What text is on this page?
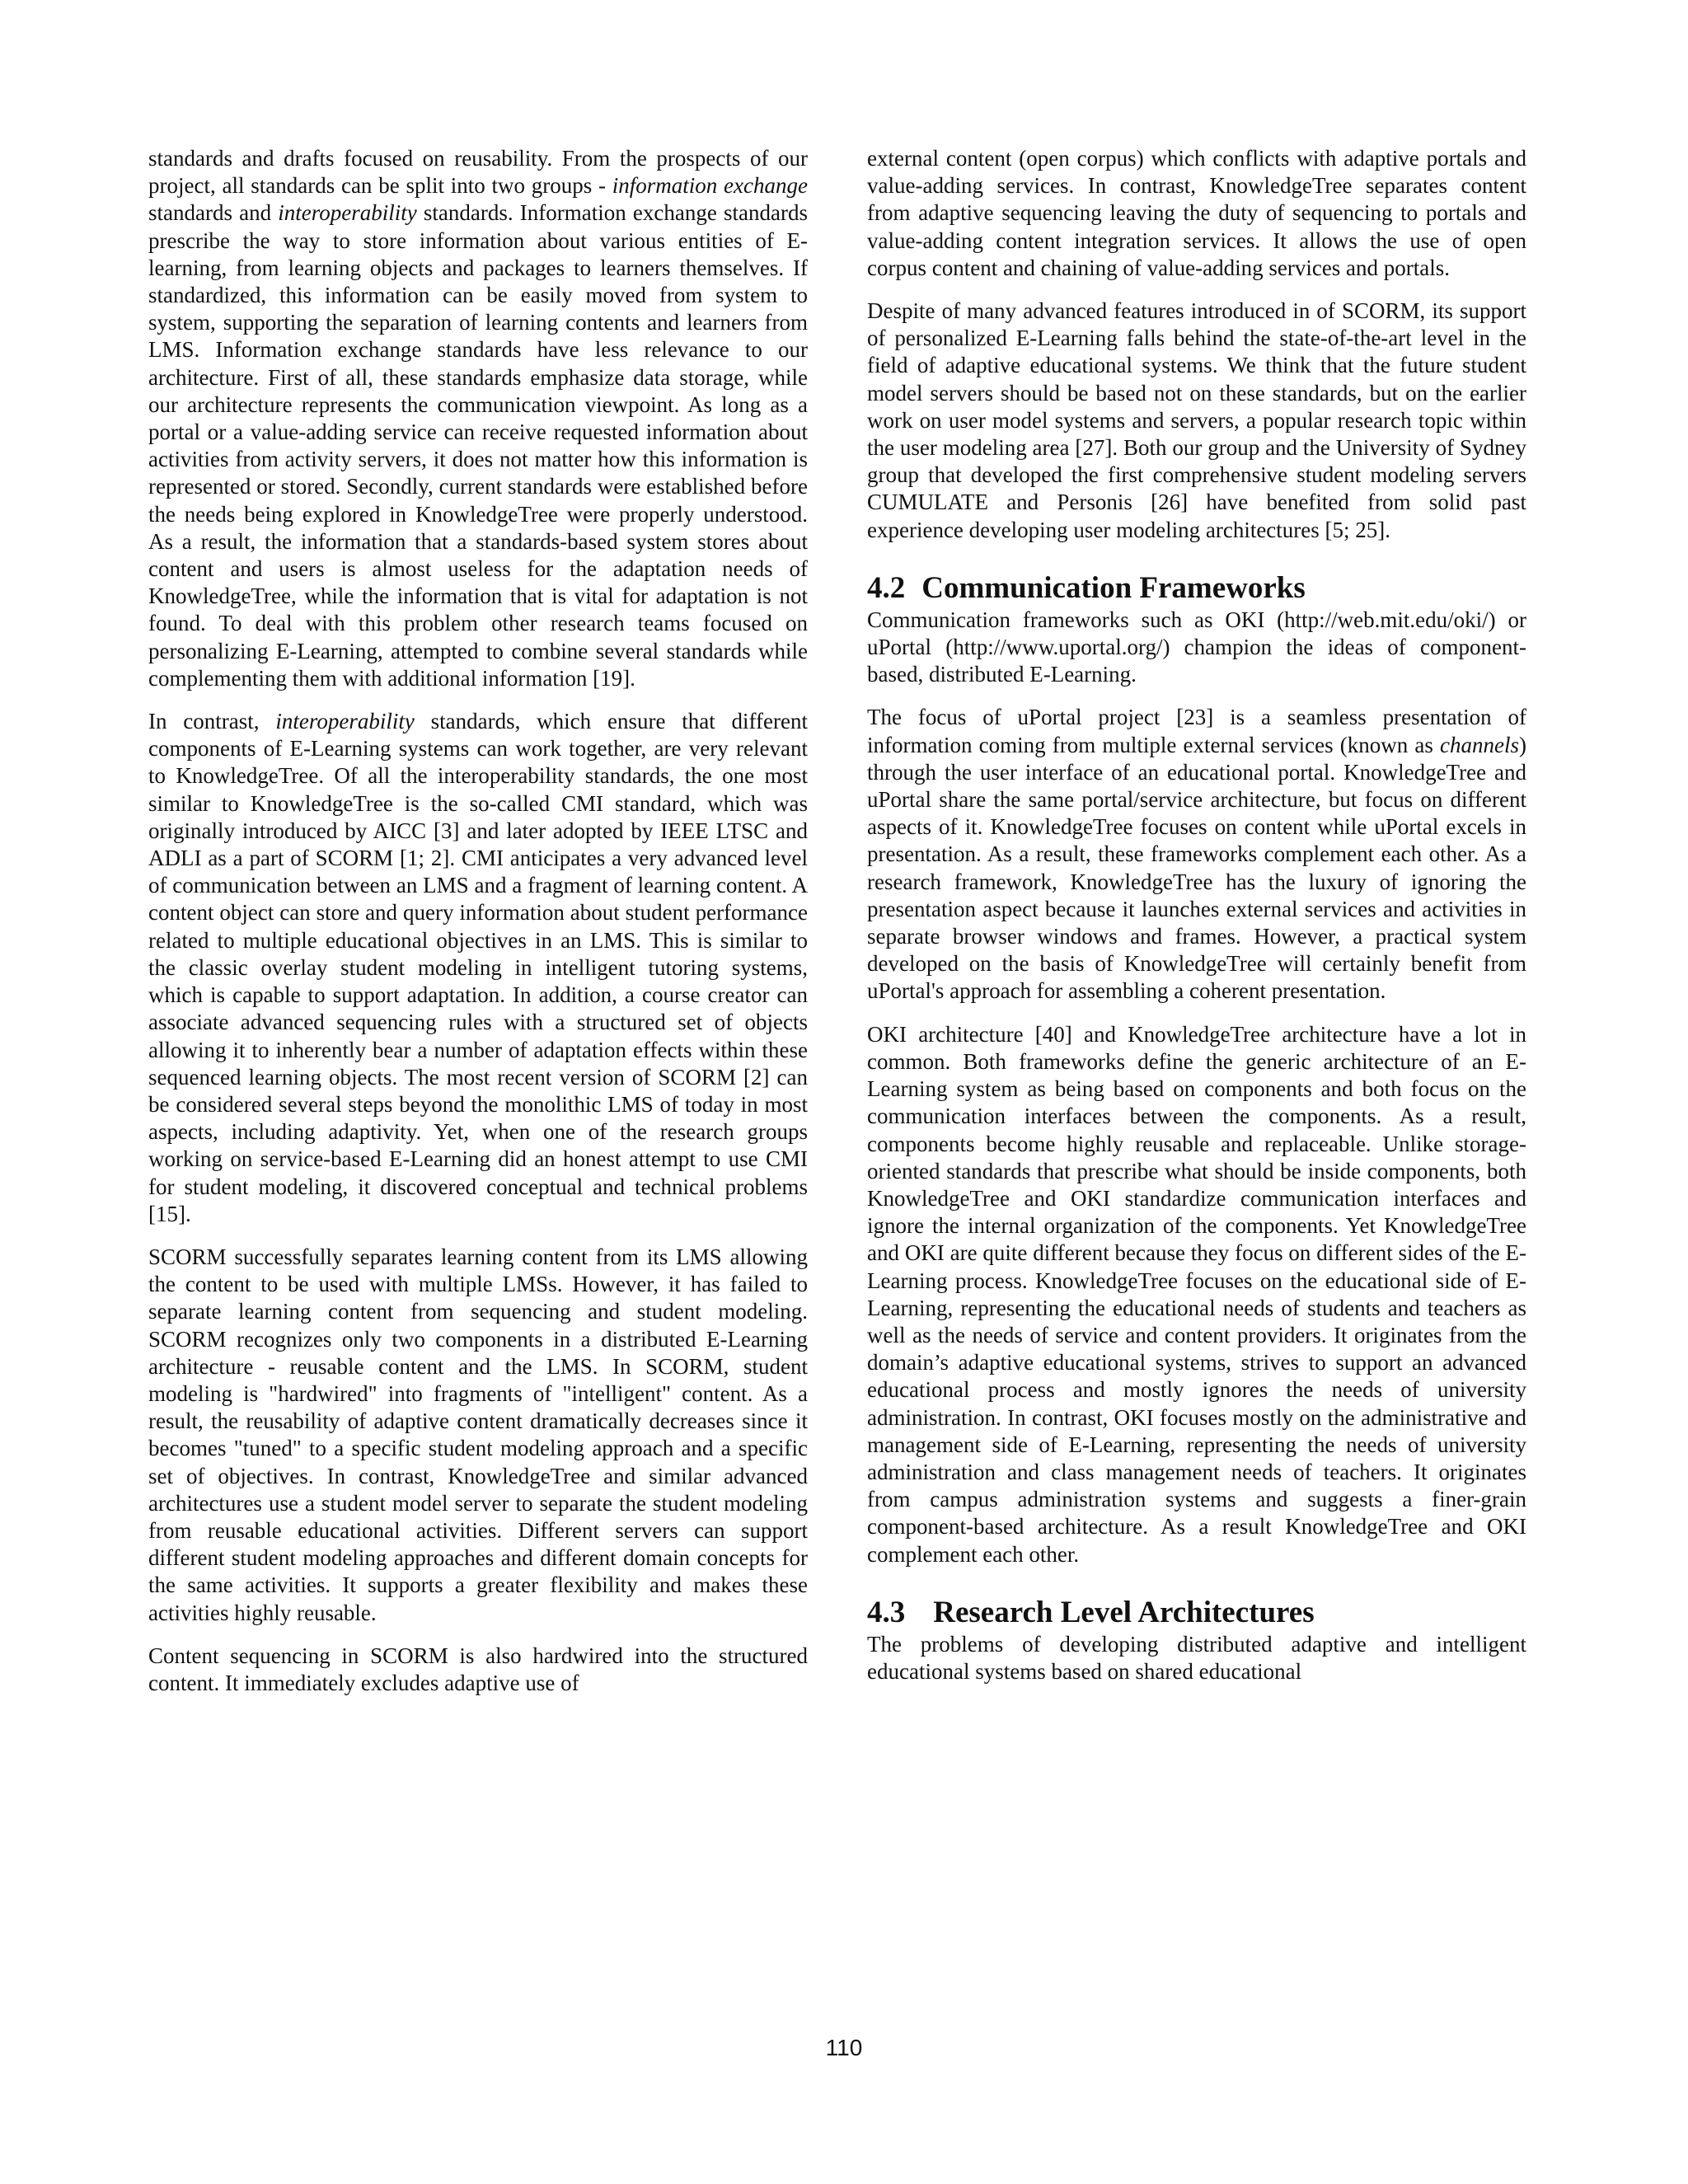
standards and drafts focused on reusability. From the prospects of our project, all standards can be split into two groups - information exchange standards and interoperability standards. Information exchange standards prescribe the way to store information about various entities of E-learning, from learning objects and packages to learners themselves. If standardized, this information can be easily moved from system to system, supporting the separation of learning contents and learners from LMS. Information exchange standards have less relevance to our architecture. First of all, these standards emphasize data storage, while our architecture represents the communication viewpoint. As long as a portal or a value-adding service can receive requested information about activities from activity servers, it does not matter how this information is represented or stored. Secondly, current standards were established before the needs being explored in KnowledgeTree were properly understood. As a result, the information that a standards-based system stores about content and users is almost useless for the adaptation needs of KnowledgeTree, while the information that is vital for adaptation is not found. To deal with this problem other research teams focused on personalizing E-Learning, attempted to combine several standards while complementing them with additional information [19].

In contrast, interoperability standards, which ensure that different components of E-Learning systems can work together, are very relevant to KnowledgeTree. Of all the interoperability standards, the one most similar to KnowledgeTree is the so-called CMI standard, which was originally introduced by AICC [3] and later adopted by IEEE LTSC and ADLI as a part of SCORM [1; 2]. CMI anticipates a very advanced level of communication between an LMS and a fragment of learning content. A content object can store and query information about student performance related to multiple educational objectives in an LMS. This is similar to the classic overlay student modeling in intelligent tutoring systems, which is capable to support adaptation. In addition, a course creator can associate advanced sequencing rules with a structured set of objects allowing it to inherently bear a number of adaptation effects within these sequenced learning objects. The most recent version of SCORM [2] can be considered several steps beyond the monolithic LMS of today in most aspects, including adaptivity. Yet, when one of the research groups working on service-based E-Learning did an honest attempt to use CMI for student modeling, it discovered conceptual and technical problems [15].

SCORM successfully separates learning content from its LMS allowing the content to be used with multiple LMSs. However, it has failed to separate learning content from sequencing and student modeling. SCORM recognizes only two components in a distributed E-Learning architecture - reusable content and the LMS. In SCORM, student modeling is "hardwired" into fragments of "intelligent" content. As a result, the reusability of adaptive content dramatically decreases since it becomes "tuned" to a specific student modeling approach and a specific set of objectives. In contrast, KnowledgeTree and similar advanced architectures use a student model server to separate the student modeling from reusable educational activities. Different servers can support different student modeling approaches and different domain concepts for the same activities. It supports a greater flexibility and makes these activities highly reusable.

Content sequencing in SCORM is also hardwired into the structured content. It immediately excludes adaptive use of

external content (open corpus) which conflicts with adaptive portals and value-adding services. In contrast, KnowledgeTree separates content from adaptive sequencing leaving the duty of sequencing to portals and value-adding content integration services. It allows the use of open corpus content and chaining of value-adding services and portals.

Despite of many advanced features introduced in of SCORM, its support of personalized E-Learning falls behind the state-of-the-art level in the field of adaptive educational systems. We think that the future student model servers should be based not on these standards, but on the earlier work on user model systems and servers, a popular research topic within the user modeling area [27]. Both our group and the University of Sydney group that developed the first comprehensive student modeling servers CUMULATE and Personis [26] have benefited from solid past experience developing user modeling architectures [5; 25].

4.2 Communication Frameworks

Communication frameworks such as OKI (http://web.mit.edu/oki/) or uPortal (http://www.uportal.org/) champion the ideas of component-based, distributed E-Learning.

The focus of uPortal project [23] is a seamless presentation of information coming from multiple external services (known as channels) through the user interface of an educational portal. KnowledgeTree and uPortal share the same portal/service architecture, but focus on different aspects of it. KnowledgeTree focuses on content while uPortal excels in presentation. As a result, these frameworks complement each other. As a research framework, KnowledgeTree has the luxury of ignoring the presentation aspect because it launches external services and activities in separate browser windows and frames. However, a practical system developed on the basis of KnowledgeTree will certainly benefit from uPortal's approach for assembling a coherent presentation.

OKI architecture [40] and KnowledgeTree architecture have a lot in common. Both frameworks define the generic architecture of an E-Learning system as being based on components and both focus on the communication interfaces between the components. As a result, components become highly reusable and replaceable. Unlike storage-oriented standards that prescribe what should be inside components, both KnowledgeTree and OKI standardize communication interfaces and ignore the internal organization of the components. Yet KnowledgeTree and OKI are quite different because they focus on different sides of the E-Learning process. KnowledgeTree focuses on the educational side of E-Learning, representing the educational needs of students and teachers as well as the needs of service and content providers. It originates from the domain’s adaptive educational systems, strives to support an advanced educational process and mostly ignores the needs of university administration. In contrast, OKI focuses mostly on the administrative and management side of E-Learning, representing the needs of university administration and class management needs of teachers. It originates from campus administration systems and suggests a finer-grain component-based architecture. As a result KnowledgeTree and OKI complement each other.

4.3 Research Level Architectures

The problems of developing distributed adaptive and intelligent educational systems based on shared educational

110
